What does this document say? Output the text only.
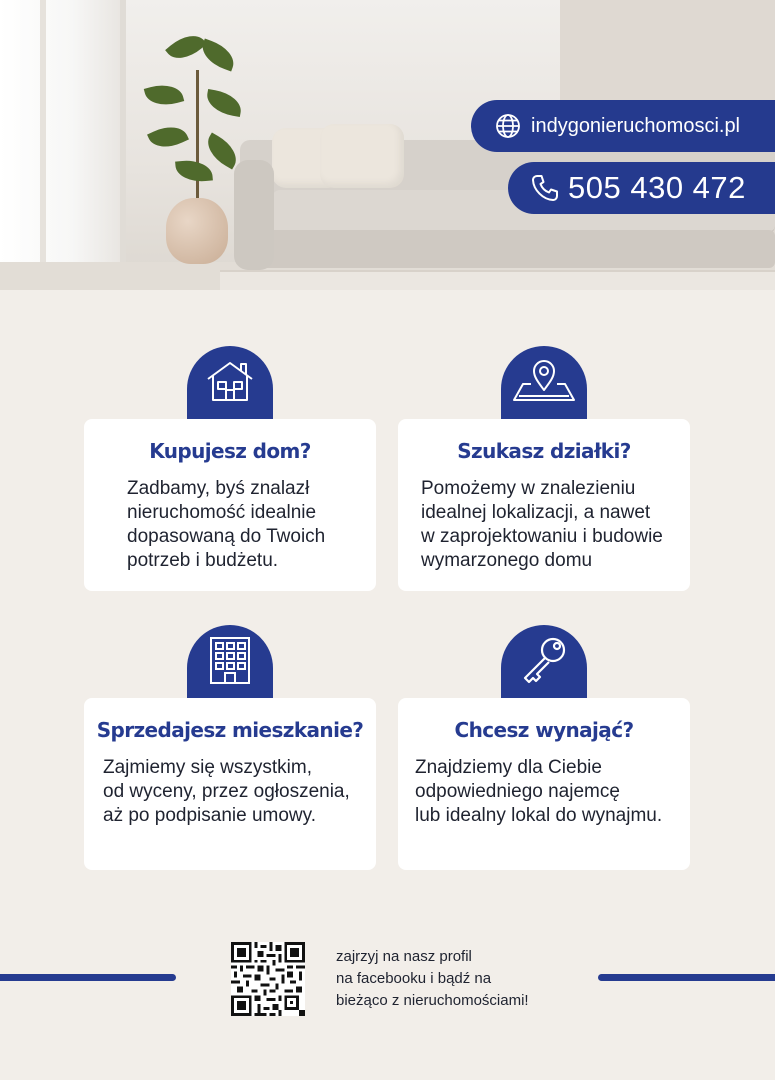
indygonieruchomosci.pl
505 430 472
Kupujesz dom?
Zadbamy, byś znalazł
nieruchomość idealnie
dopasowaną do Twoich
potrzeb i budżetu.
Szukasz działki?
Pomożemy w znalezieniu
idealnej lokalizacji, a nawet
w zaprojektowaniu i budowie
wymarzonego domu
Sprzedajesz mieszkanie?
Zajmiemy się wszystkim,
od wyceny, przez ogłoszenia,
aż po podpisanie umowy.
Chcesz wynająć?
Znajdziemy dla Ciebie
odpowiedniego najemcę
lub idealny lokal do wynajmu.
zajrzyj na nasz profil
na facebooku i bądź na
bieżąco z nieruchomościami!
